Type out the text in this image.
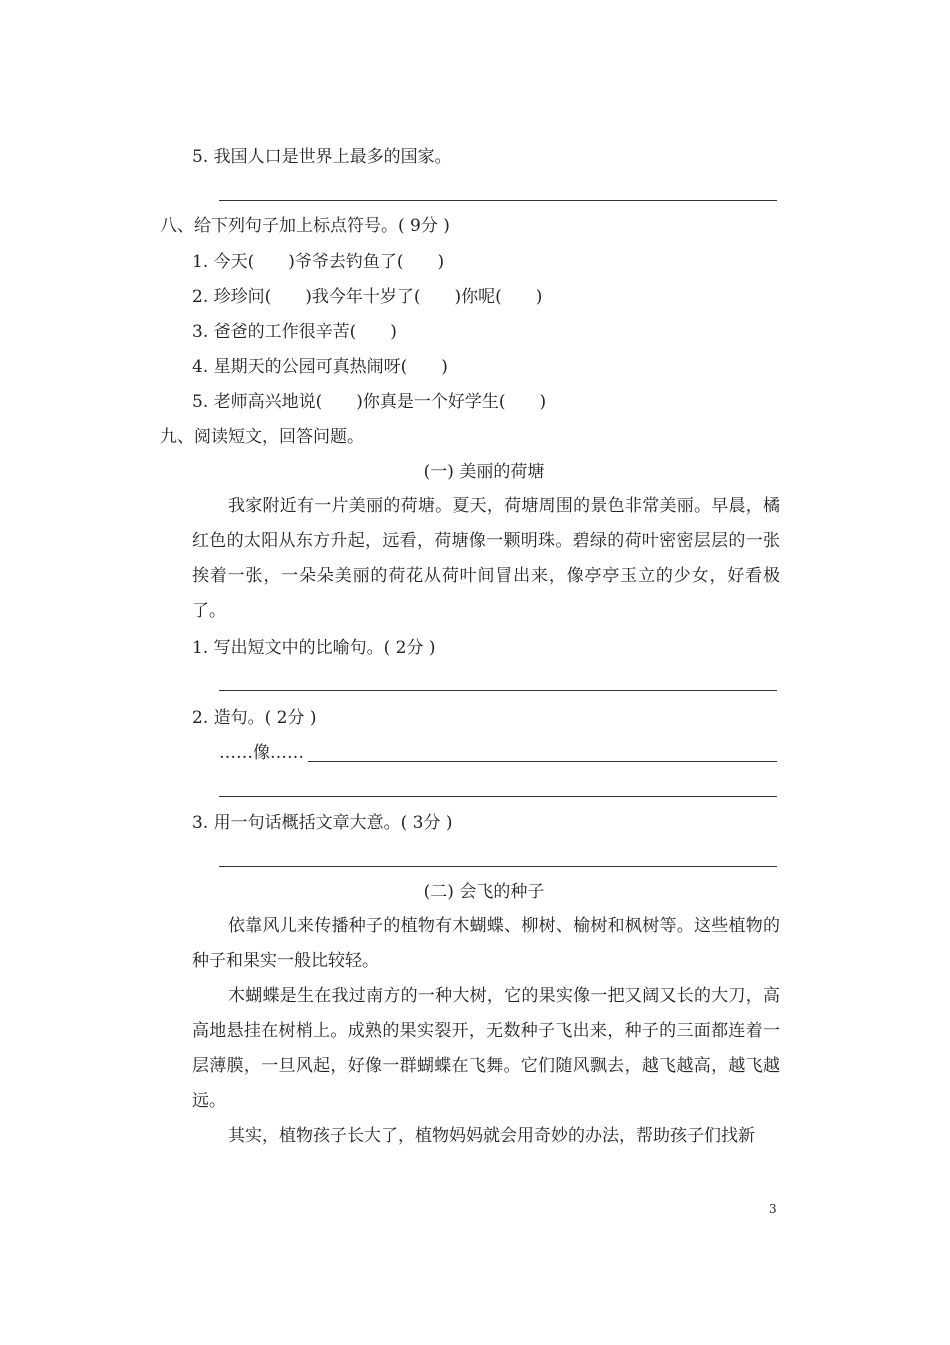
5. 我国人口是世界上最多的国家。
八、给下列句子加上标点符号。( 9分 )
1. 今天(　　)爷爷去钓鱼了(　　)
2. 珍珍问(　　)我今年十岁了(　　)你呢(　　)
3. 爸爸的工作很辛苦(　　)
4. 星期天的公园可真热闹呀(　　)
5. 老师高兴地说(　　)你真是一个好学生(　　)
九、阅读短文，回答问题。
(一) 美丽的荷塘
我家附近有一片美丽的荷塘。夏天，荷塘周围的景色非常美丽。早晨，橘红色的太阳从东方升起，远看，荷塘像一颗明珠。碧绿的荷叶密密层层的一张挨着一张，一朵朵美丽的荷花从荷叶间冒出来，像亭亭玉立的少女，好看极了。
1. 写出短文中的比喻句。( 2分 )
2. 造句。( 2分 )
……像……
3. 用一句话概括文章大意。( 3分 )
(二) 会飞的种子
依靠风儿来传播种子的植物有木蝴蝶、柳树、榆树和枫树等。这些植物的种子和果实一般比较轻。
木蝴蝶是生在我过南方的一种大树，它的果实像一把又阔又长的大刀，高高地悬挂在树梢上。成熟的果实裂开，无数种子飞出来，种子的三面都连着一层薄膜，一旦风起，好像一群蝴蝶在飞舞。它们随风飘去，越飞越高，越飞越远。
其实，植物孩子长大了，植物妈妈就会用奇妙的办法，帮助孩子们找新
3
